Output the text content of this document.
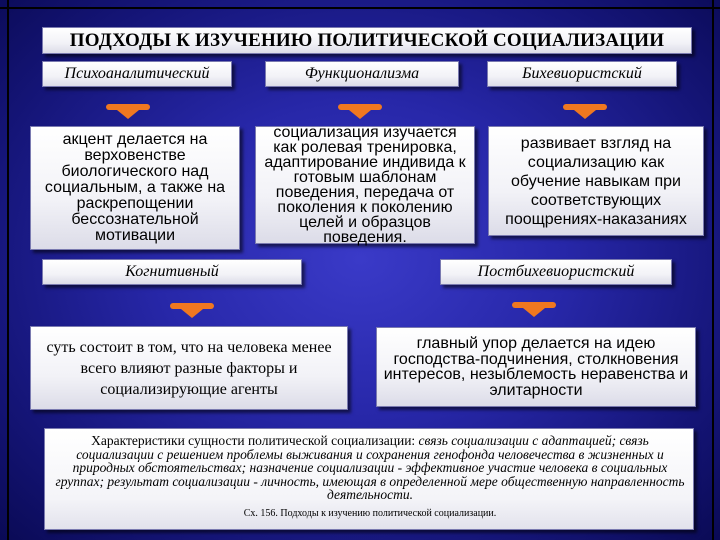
ПОДХОДЫ К ИЗУЧЕНИЮ ПОЛИТИЧЕСКОЙ СОЦИАЛИЗАЦИИ
Психоаналитический	Функционализма	Бихевиористский
акцент делается на верховенстве биологического над социальным, а также на раскрепощении бессознательной мотивации
социализация изучается как ролевая тренировка, адаптирование индивида к готовым шаблонам поведения, передача от поколения к поколению целей и образцов поведения.
развивает взгляд на социализацию как обучение навыкам при соответствующих поощрениях-наказаниях
Когнитивный	Постбихевиористский
суть состоит в том, что на человека менее всего влияют разные факторы и социализирующие агенты
главный упор делается на идею господства-подчинения, столкновения интересов, незыблемость неравенства и элитарности

Характеристики сущности политической социализации: связь социализации с адаптацией; связь социализации с решением проблемы выживания и сохранения генофонда человечества в жизненных и природных обстоятельствах; назначение социализации - эффективное участие человека в социальных группах; результат социализации - личность, имеющая в определенной мере общественную направленность деятельности.

Сх. 156. Подходы к изучению политической социализации.
